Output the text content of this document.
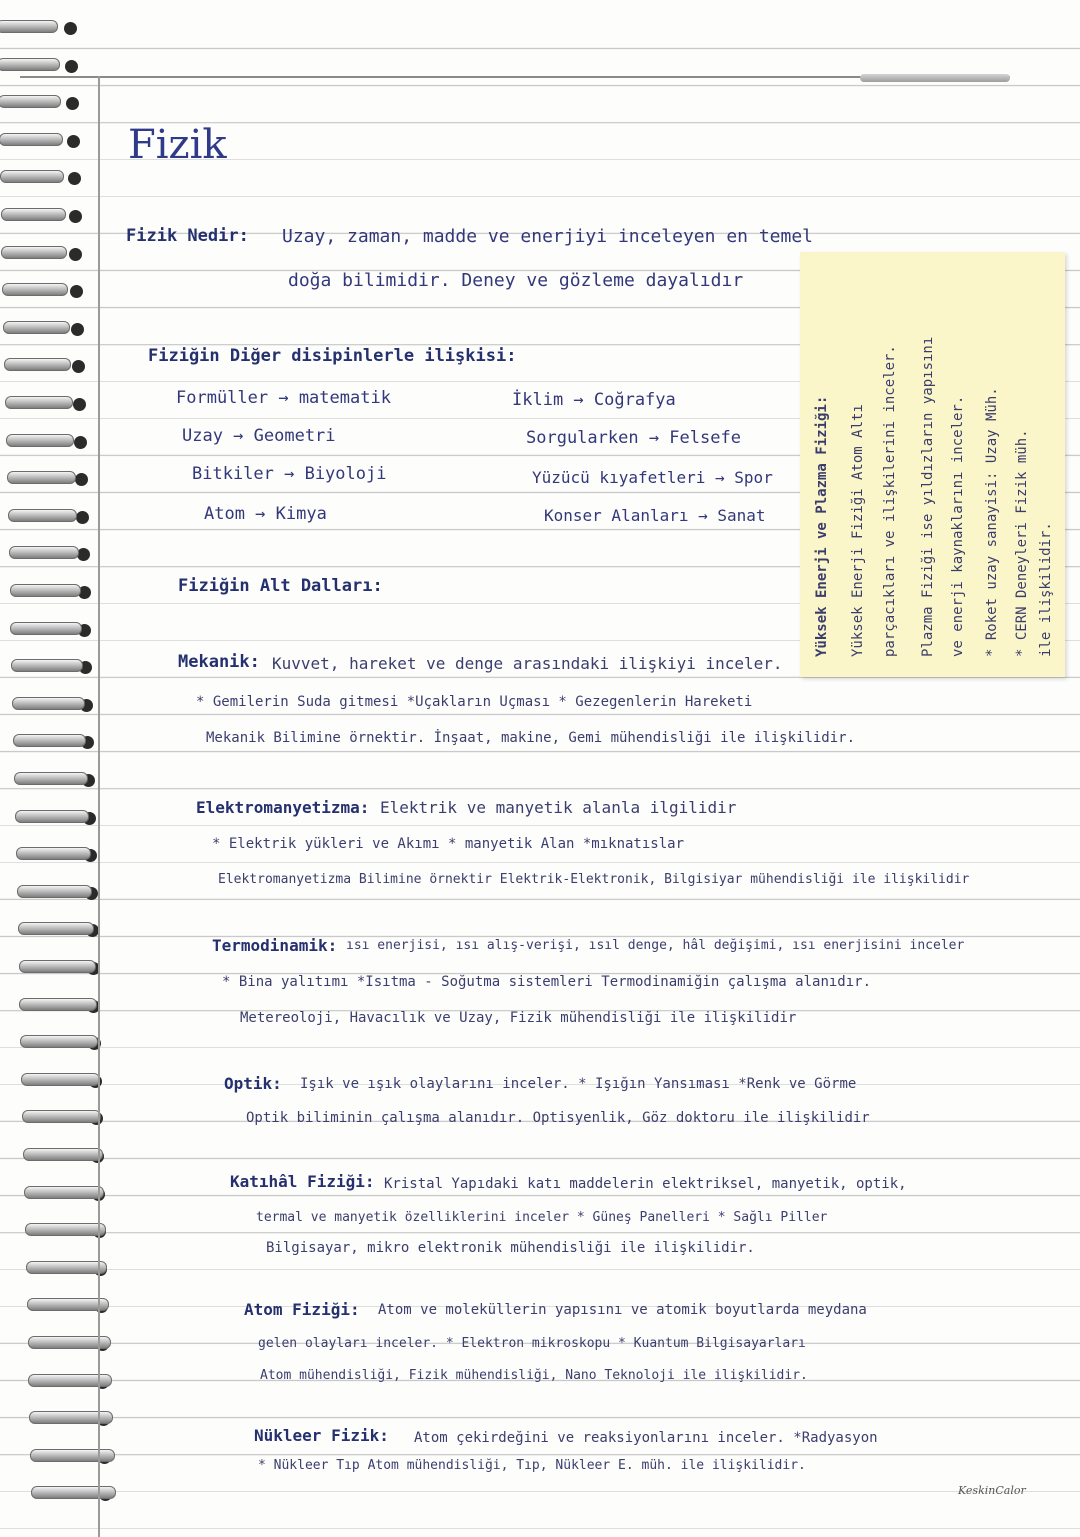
Fizik
Fizik Nedir: Uzay, zaman, madde ve enerjiyi inceleyen en temel
doğa bilimidir. Deney ve gözleme dayalıdır
Fiziğin Diğer disipinlerle ilişkisi:
Formüller → matematik
Uzay → Geometri
Bitkiler → Biyoloji
Atom → Kimya
İklim → Coğrafya
Sorgularken → Felsefe
Yüzücü kıyafetleri → Spor
Konser Alanları → Sanat
Fiziğin Alt Dalları:
Mekanik: Kuvvet, hareket ve denge arasındaki ilişkiyi inceler.
* Gemilerin Suda gitmesi *Uçakların Uçması * Gezegenlerin Hareketi
Mekanik Bilimine örnektir. İnşaat, makine, Gemi mühendisliği ile ilişkilidir.
Elektromanyetizma: Elektrik ve manyetik alanla ilgilidir
* Elektrik yükleri ve Akımı * manyetik Alan *mıknatıslar
Elektromanyetizma Bilimine örnektir Elektrik-Elektronik, Bilgisiyar mühendisliği ile ilişkilidir
Termodinamik: ısı enerjisi, ısı alış-verişi, ısıl denge, hâl değişimi, ısı enerjisini inceler
* Bina yalıtımı *Isıtma - Soğutma sistemleri Termodinamiğin çalışma alanıdır.
Metereoloji, Havacılık ve Uzay, Fizik mühendisliği ile ilişkilidir
Optik: Işık ve ışık olaylarını inceler. * Işığın Yansıması *Renk ve Görme
Optik biliminin çalışma alanıdır. Optisyenlik, Göz doktoru ile ilişkilidir
Katıhâl Fiziği: Kristal Yapıdaki katı maddelerin elektriksel, manyetik, optik,
termal ve manyetik özelliklerini inceler * Güneş Panelleri * Sağlı Piller
Bilgisayar, mikro elektronik mühendisliği ile ilişkilidir.
Atom Fiziği: Atom ve moleküllerin yapısını ve atomik boyutlarda meydana
gelen olayları inceler. * Elektron mikroskopu * Kuantum Bilgisayarları
Atom mühendisliği, Fizik mühendisliği, Nano Teknoloji ile ilişkilidir.
Nükleer Fizik: Atom çekirdeğini ve reaksiyonlarını inceler. *Radyasyon
* Nükleer Tıp Atom mühendisliği, Tıp, Nükleer E. müh. ile ilişkilidir.
Yüksek Enerji ve Plazma Fiziği: Yüksek Enerji Fiziği Atom Altı parçacıkları ve ilişkilerini inceler. Plazma Fiziği ise yıldızların yapısını ve enerji kaynaklarını inceler. * Roket uzay sanayisi: Uzay Müh. * CERN Deneyleri Fizik müh. ile ilişkilidir.
KeskinCalor
